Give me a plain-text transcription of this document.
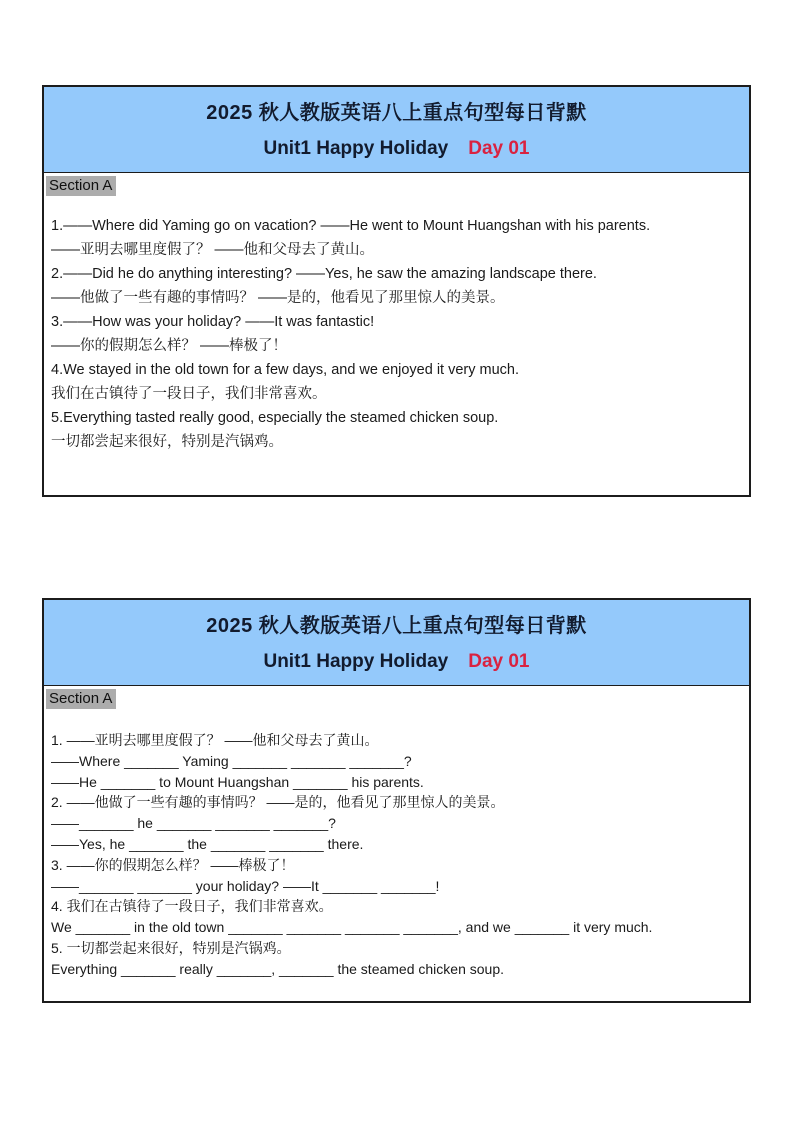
2025 秋人教版英语八上重点句型每日背默
Unit1 Happy Holiday Day 01
Section A
1.——Where did Yaming go on vacation? ——He went to Mount Huangshan with his parents.
——亚明去哪里度假了？ ——他和父母去了黄山。
2.——Did he do anything interesting? ——Yes, he saw the amazing landscape there.
——他做了一些有趣的事情吗？ ——是的，他看见了那里惊人的美景。
3.——How was your holiday? ——It was fantastic!
——你的假期怎么样？ ——棒极了！
4.We stayed in the old town for a few days, and we enjoyed it very much.
我们在古镇待了一段日子，我们非常喜欢。
5.Everything tasted really good, especially the steamed chicken soup.
一切都尝起来很好，特别是汽锅鸡。
2025 秋人教版英语八上重点句型每日背默
Unit1 Happy Holiday Day 01
Section A
1. ——亚明去哪里度假了？ ——他和父母去了黄山。
——Where _______ Yaming _______ _______ _______?
——He _______ to Mount Huangshan _______ his parents.
2. ——他做了一些有趣的事情吗？ ——是的，他看见了那里惊人的美景。
——_______ he _______ _______ _______?
——Yes, he _______ the _______ _______ there.
3. ——你的假期怎么样？ ——棒极了！
——_______ _______ your holiday? ——It _______ _______!
4. 我们在古镇待了一段日子，我们非常喜欢。
We _______ in the old town _______ _______ _______ _______, and we _______ it very much.
5. 一切都尝起来很好，特别是汽锅鸡。
Everything _______ really _______, _______ the steamed chicken soup.
